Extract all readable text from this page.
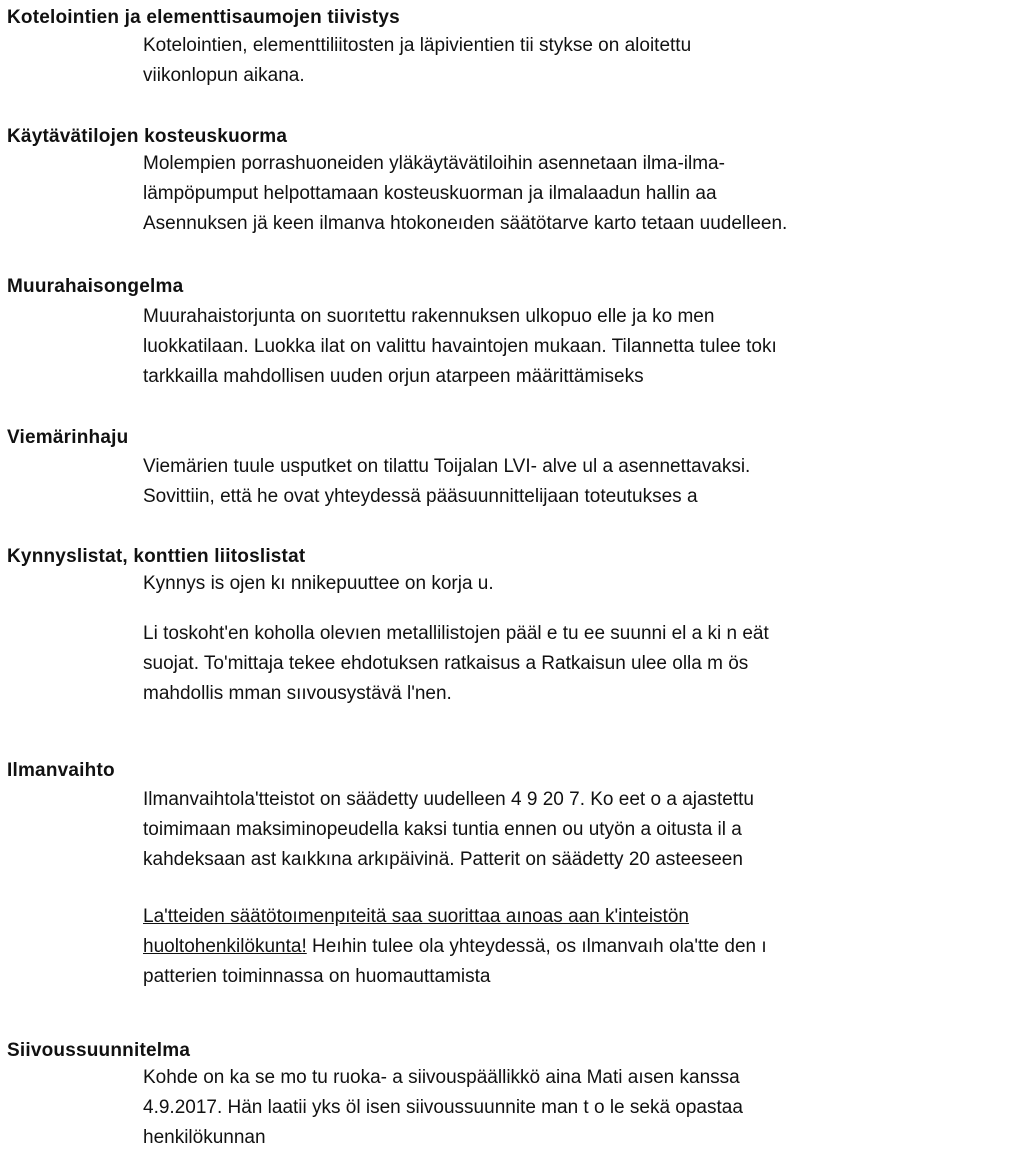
Kotelointien ja elementtisaumojen tiivistys
Kotelointien, elementtiliitosten ja läpivientien tii stykse on aloitettu
viikonlopun aikana.
Käytävätilojen kosteuskuorma
Molempien porrashuoneiden yläkäytävätiloihin asennetaan ilma-ilma-
lämpöpumput helpottamaan kosteuskuorman ja ilmalaadun hallin aa
Asennuksen jä keen ilmanva htokoneıden säätötarve karto tetaan uudelleen.
Muurahaisongelma
Muurahaistorjunta on suorıtettu rakennuksen ulkopuo elle ja ko men
luokkatilaan. Luokka ilat on valittu havaintojen mukaan. Tilannetta tulee tokı
tarkkailla mahdollisen uuden orjun atarpeen määrittämiseks
Viemärinhaju
Viemärien tuule usputket on tilattu Toijalan LVI- alve ul a asennettavaksi.
Sovittiin, että he ovat yhteydessä pääsuunnittelijaan toteutukses a
Kynnyslistat, konttien liitoslistat
Kynnys is ojen kı nnikepuuttee on korja u.
Li toskoht'en koholla olevıen metallilistojen pääl e tu ee suunni el a ki n eät
suojat. To'mittaja tekee ehdotuksen ratkaisus a Ratkaisun ulee olla m ös
mahdollis mman sııvousystävä l'nen.
Ilmanvaihto
Ilmanvaihtola'tteistot on säädetty uudelleen 4 9 20 7. Ko eet o a ajastettu
toimimaan maksiminopeudella kaksi tuntia ennen ou utyön a oitusta il a
kahdeksaan ast kaıkkına arkıpäivinä. Patterit on säädetty 20 asteeseen
La'tteiden säätötoımenpıteitä saa suorittaa aınoas aan k'inteistön
huoltohenkilökunta! Heıhin tulee ola yhteydessä, os ılmanvaıh ola'tte den ı
patterien toiminnassa on huomauttamista
Siivoussuunnitelma
Kohde on ka se mo tu ruoka- a siivouspäällikkö aina Mati aısen kanssa
4.9.2017. Hän laatii yks öl isen siivoussuunnite man t o le sekä opastaa
henkilökunnan
